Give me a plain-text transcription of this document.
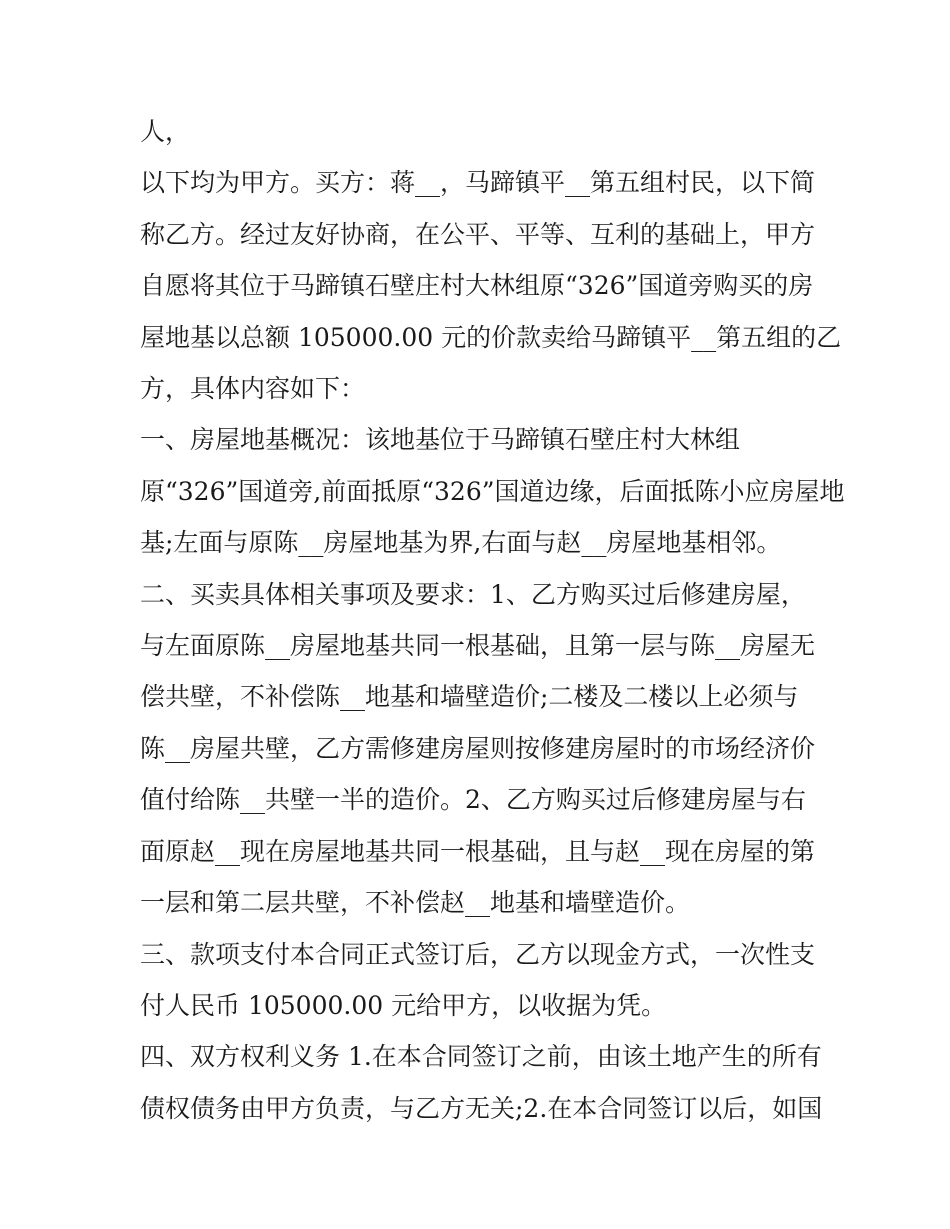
人，
以下均为甲方。买方：蒋__，马蹄镇平__第五组村民，以下简
称乙方。经过友好协商，在公平、平等、互利的基础上，甲方
自愿将其位于马蹄镇石壁庄村大林组原“326”国道旁购买的房
屋地基以总额 105000.00 元的价款卖给马蹄镇平__第五组的乙
方，具体内容如下：
一、房屋地基概况：该地基位于马蹄镇石壁庄村大林组
原“326”国道旁,前面抵原“326”国道边缘，后面抵陈小应房屋地
基;左面与原陈__房屋地基为界,右面与赵__房屋地基相邻。
二、买卖具体相关事项及要求：1、乙方购买过后修建房屋，
与左面原陈__房屋地基共同一根基础，且第一层与陈__房屋无
偿共壁，不补偿陈__地基和墙壁造价;二楼及二楼以上必须与
陈__房屋共壁，乙方需修建房屋则按修建房屋时的市场经济价
值付给陈__共壁一半的造价。2、乙方购买过后修建房屋与右
面原赵__现在房屋地基共同一根基础，且与赵__现在房屋的第
一层和第二层共壁，不补偿赵__地基和墙壁造价。
三、款项支付本合同正式签订后，乙方以现金方式，一次性支
付人民币 105000.00 元给甲方，以收据为凭。
四、双方权利义务 1.在本合同签订之前，由该土地产生的所有
债权债务由甲方负责，与乙方无关;2.在本合同签订以后，如国
